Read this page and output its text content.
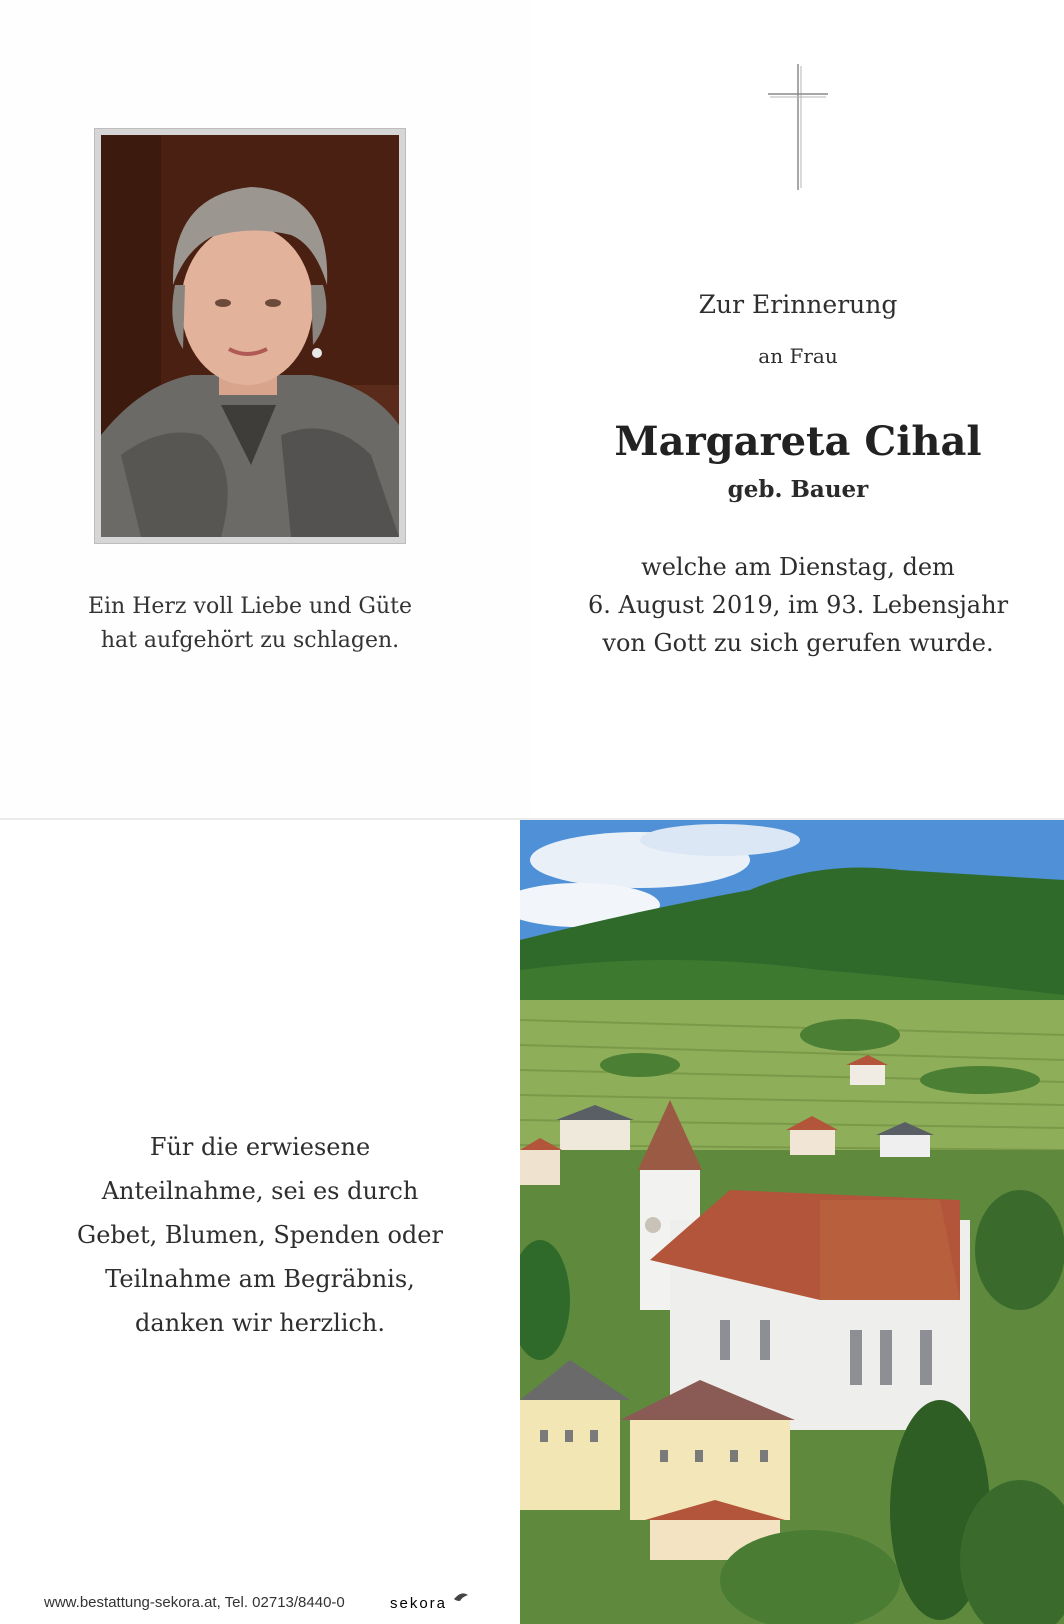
Ein Herz voll Liebe und Güte
hat aufgehört zu schlagen.
Zur Erinnerung
an Frau
Margareta Cihal
geb. Bauer
welche am Dienstag, dem
6. August 2019, im 93. Lebensjahr
von Gott zu sich gerufen wurde.
Für die erwiesene
Anteilnahme, sei es durch
Gebet, Blumen, Spenden oder
Teilnahme am Begräbnis,
danken wir herzlich.
www.bestattung-sekora.at, Tel. 02713/8440-0	sekora
